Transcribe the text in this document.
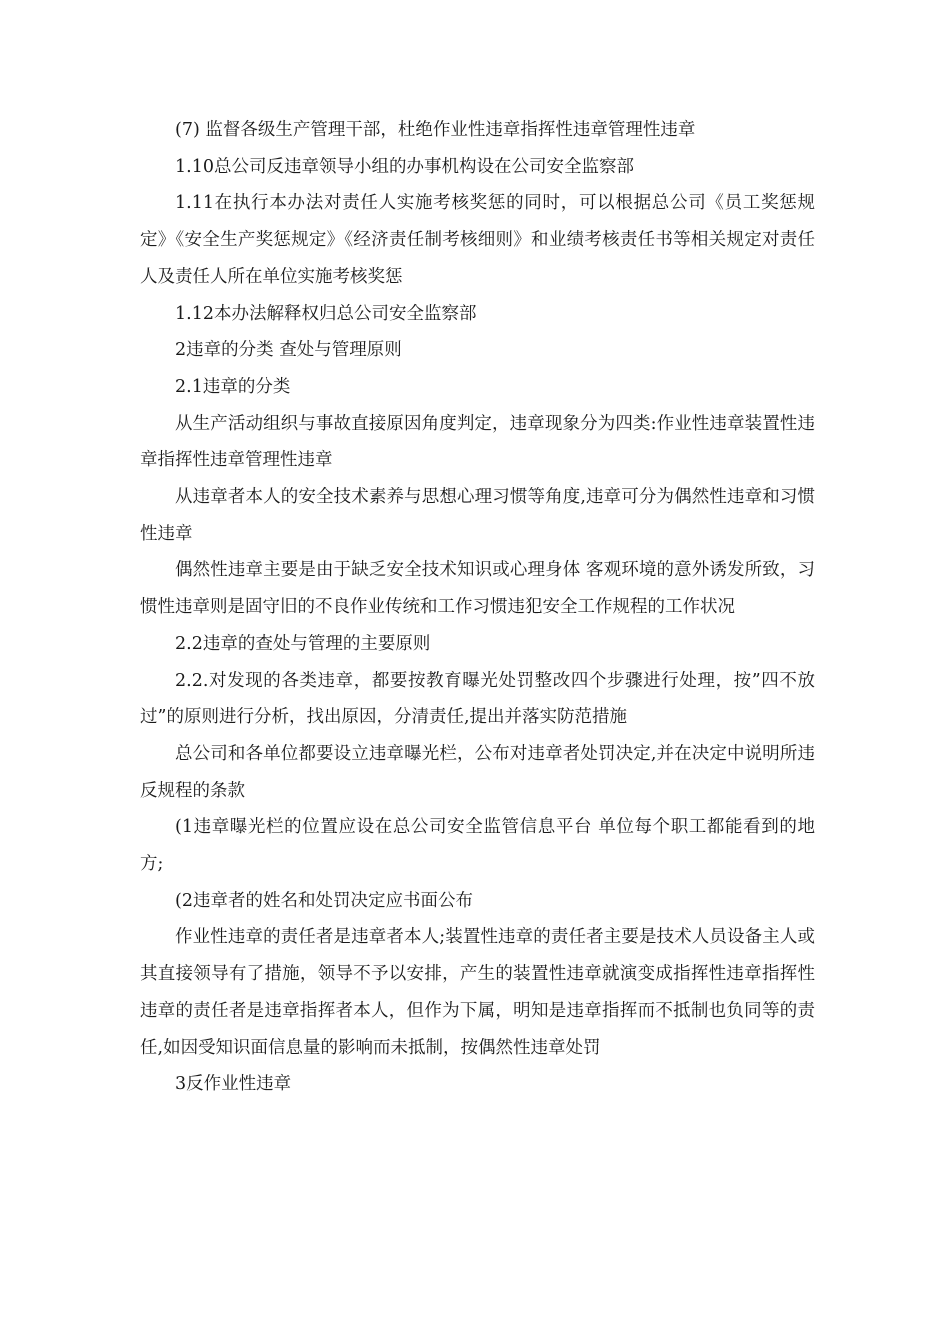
(7) 监督各级生产管理干部，杜绝作业性违章指挥性违章管理性违章

1.10总公司反违章领导小组的办事机构设在公司安全监察部

1.11在执行本办法对责任人实施考核奖惩的同时，可以根据总公司《员工奖惩规定》《安全生产奖惩规定》《经济责任制考核细则》和业绩考核责任书等相关规定对责任人及责任人所在单位实施考核奖惩

1.12本办法解释权归总公司安全监察部

2违章的分类 查处与管理原则

2.1违章的分类

从生产活动组织与事故直接原因角度判定，违章现象分为四类:作业性违章装置性违章指挥性违章管理性违章

从违章者本人的安全技术素养与思想心理习惯等角度,违章可分为偶然性违章和习惯性违章

偶然性违章主要是由于缺乏安全技术知识或心理身体 客观环境的意外诱发所致，习惯性违章则是固守旧的不良作业传统和工作习惯违犯安全工作规程的工作状况

2.2违章的查处与管理的主要原则

2.2.对发现的各类违章，都要按教育曝光处罚整改四个步骤进行处理，按”四不放过”的原则进行分析，找出原因，分清责任,提出并落实防范措施

总公司和各单位都要设立违章曝光栏，公布对违章者处罚决定,并在决定中说明所违反规程的条款

(1违章曝光栏的位置应设在总公司安全监管信息平台 单位每个职工都能看到的地方;

(2违章者的姓名和处罚决定应书面公布

作业性违章的责任者是违章者本人;装置性违章的责任者主要是技术人员设备主人或其直接领导有了措施，领导不予以安排，产生的装置性违章就演变成指挥性违章指挥性违章的责任者是违章指挥者本人，但作为下属，明知是违章指挥而不抵制也负同等的责任,如因受知识面信息量的影响而未抵制，按偶然性违章处罚

3反作业性违章
